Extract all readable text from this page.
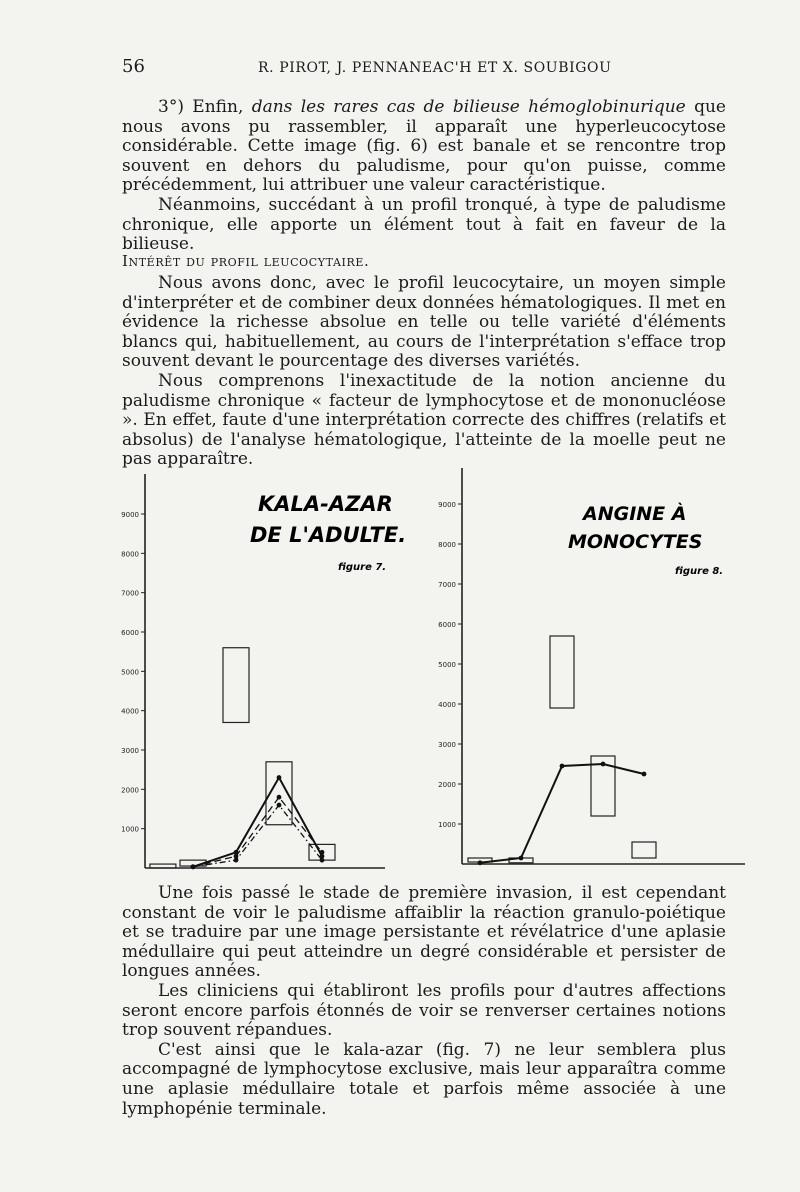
56	R. PIROT, J. PENNANEAC'H ET X. SOUBIGOU

3°) Enfin, dans les rares cas de bilieuse hémoglobinurique que nous avons pu rassembler, il apparaît une hyperleucocytose considérable. Cette image (fig. 6) est banale et se rencontre trop souvent en dehors du paludisme, pour qu'on puisse, comme précédemment, lui attribuer une valeur caractéristique.

Néanmoins, succédant à un profil tronqué, à type de paludisme chronique, elle apporte un élément tout à fait en faveur de la bilieuse.

Intérêt du profil leucocytaire.

Nous avons donc, avec le profil leucocytaire, un moyen simple d'interpréter et de combiner deux données hématologiques. Il met en évidence la richesse absolue en telle ou telle variété d'éléments blancs qui, habituellement, au cours de l'interprétation s'efface trop souvent devant le pourcentage des diverses variétés.

Nous comprenons l'inexactitude de la notion ancienne du paludisme chronique « facteur de lymphocytose et de mononucléose ». En effet, faute d'une interprétation correcte des chiffres (relatifs et absolus) de l'analyse hématologique, l'atteinte de la moelle peut ne pas apparaître.

1000
2000
3000
4000
5000
6000
7000
8000
9000	KALA-AZAR
DE L'ADULTE.
figure 7.
1000
2000
3000
4000
5000
6000
7000
8000
9000	ANGINE À
MONOCYTES
figure 8.

Une fois passé le stade de première invasion, il est cependant constant de voir le paludisme affaiblir la réaction granulo-poiétique et se traduire par une image persistante et révélatrice d'une aplasie médullaire qui peut atteindre un degré considérable et persister de longues années.

Les cliniciens qui établiront les profils pour d'autres affections seront encore parfois étonnés de voir se renverser certaines notions trop souvent répandues.

C'est ainsi que le kala-azar (fig. 7) ne leur semblera plus accompagné de lymphocytose exclusive, mais leur apparaîtra comme une aplasie médullaire totale et parfois même associée à une lymphopénie terminale.
